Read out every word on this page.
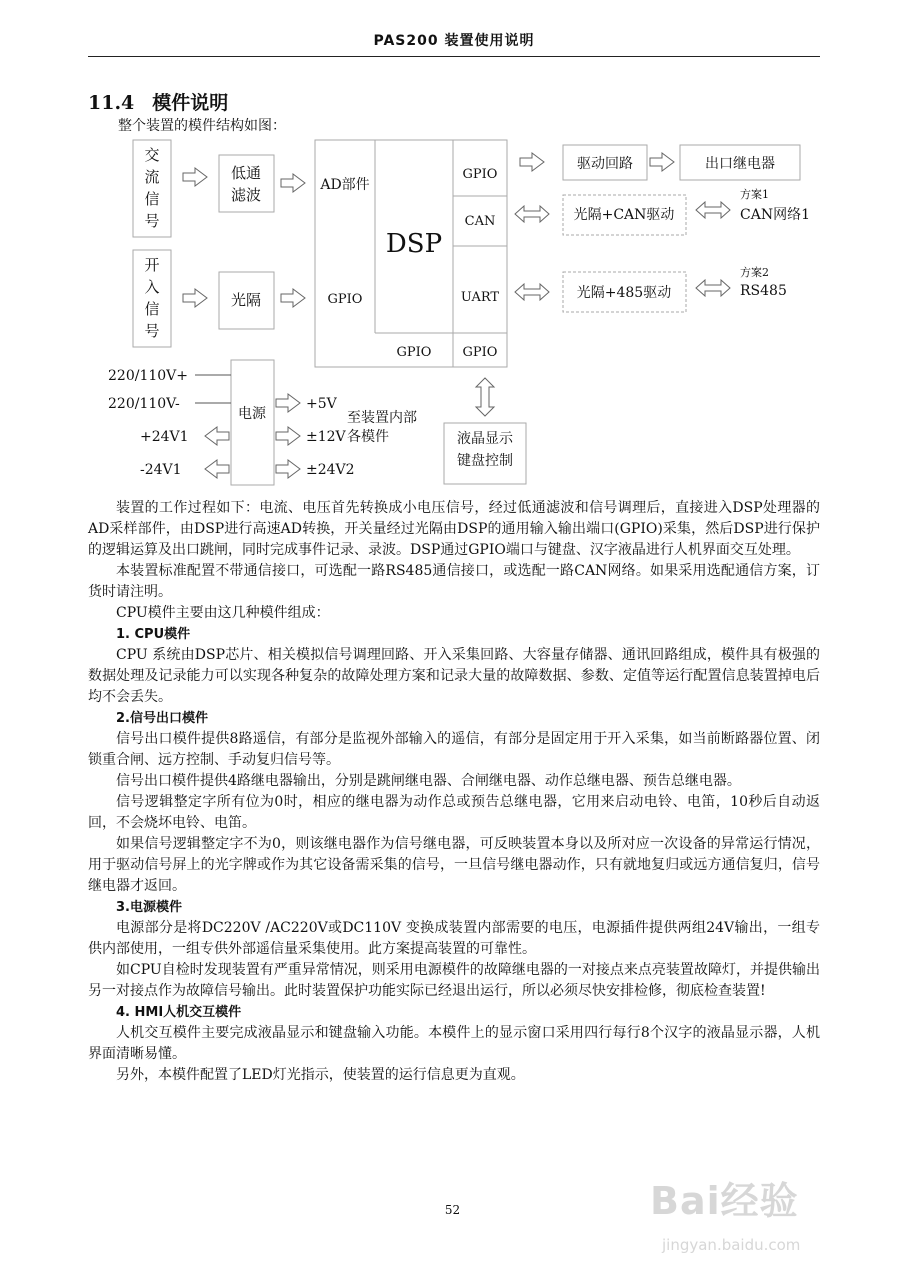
PAS200 装置使用说明
11.4 模件说明
整个装置的模件结构如图：
交
流
信
号
开
入
信
号
低通
滤波
光隔
AD部件
GPIO
DSP
GPIO
CAN
UART
GPIO GPIO
驱动回路	出口继电器
光隔+CAN驱动
光隔+485驱动
电源
液晶显示
键盘控制
方案1
CAN网络1
方案2
RS485
220/110V+
220/110V-
+24V1
-24V1
+5V
±12V
±24V2
至装置内部
各模件

装置的工作过程如下：电流、电压首先转换成小电压信号，经过低通滤波和信号调理后，直接进入DSP处理器的AD采样部件，由DSP进行高速AD转换，开关量经过光隔由DSP的通用输入输出端口(GPIO)采集，然后DSP进行保护的逻辑运算及出口跳闸，同时完成事件记录、录波。DSP通过GPIO端口与键盘、汉字液晶进行人机界面交互处理。

本装置标准配置不带通信接口，可选配一路RS485通信接口，或选配一路CAN网络。如果采用选配通信方案，订货时请注明。

CPU模件主要由这几种模件组成：

1. CPU模件

CPU 系统由DSP芯片、相关模拟信号调理回路、开入采集回路、大容量存储器、通讯回路组成，模件具有极强的数据处理及记录能力可以实现各种复杂的故障处理方案和记录大量的故障数据、参数、定值等运行配置信息装置掉电后均不会丢失。

2.信号出口模件

信号出口模件提供8路遥信，有部分是监视外部输入的遥信，有部分是固定用于开入采集，如当前断路器位置、闭锁重合闸、远方控制、手动复归信号等。

信号出口模件提供4路继电器输出，分别是跳闸继电器、合闸继电器、动作总继电器、预告总继电器。

信号逻辑整定字所有位为0时，相应的继电器为动作总或预告总继电器，它用来启动电铃、电笛，10秒后自动返回，不会烧坏电铃、电笛。

如果信号逻辑整定字不为0，则该继电器作为信号继电器，可反映装置本身以及所对应一次设备的异常运行情况，用于驱动信号屏上的光字牌或作为其它设备需采集的信号，一旦信号继电器动作，只有就地复归或远方通信复归，信号继电器才返回。

3.电源模件

电源部分是将DC220V /AC220V或DC110V 变换成装置内部需要的电压，电源插件提供两组24V输出，一组专供内部使用，一组专供外部遥信量采集使用。此方案提高装置的可靠性。

如CPU自检时发现装置有严重异常情况，则采用电源模件的故障继电器的一对接点来点亮装置故障灯，并提供输出另一对接点作为故障信号输出。此时装置保护功能实际已经退出运行，所以必须尽快安排检修，彻底检查装置!

4. HMI人机交互模件

人机交互模件主要完成液晶显示和键盘输入功能。本模件上的显示窗口采用四行每行8个汉字的液晶显示器，人机界面清晰易懂。

另外，本模件配置了LED灯光指示，使装置的运行信息更为直观。

52	Bai经验
jingyan.baidu.com
